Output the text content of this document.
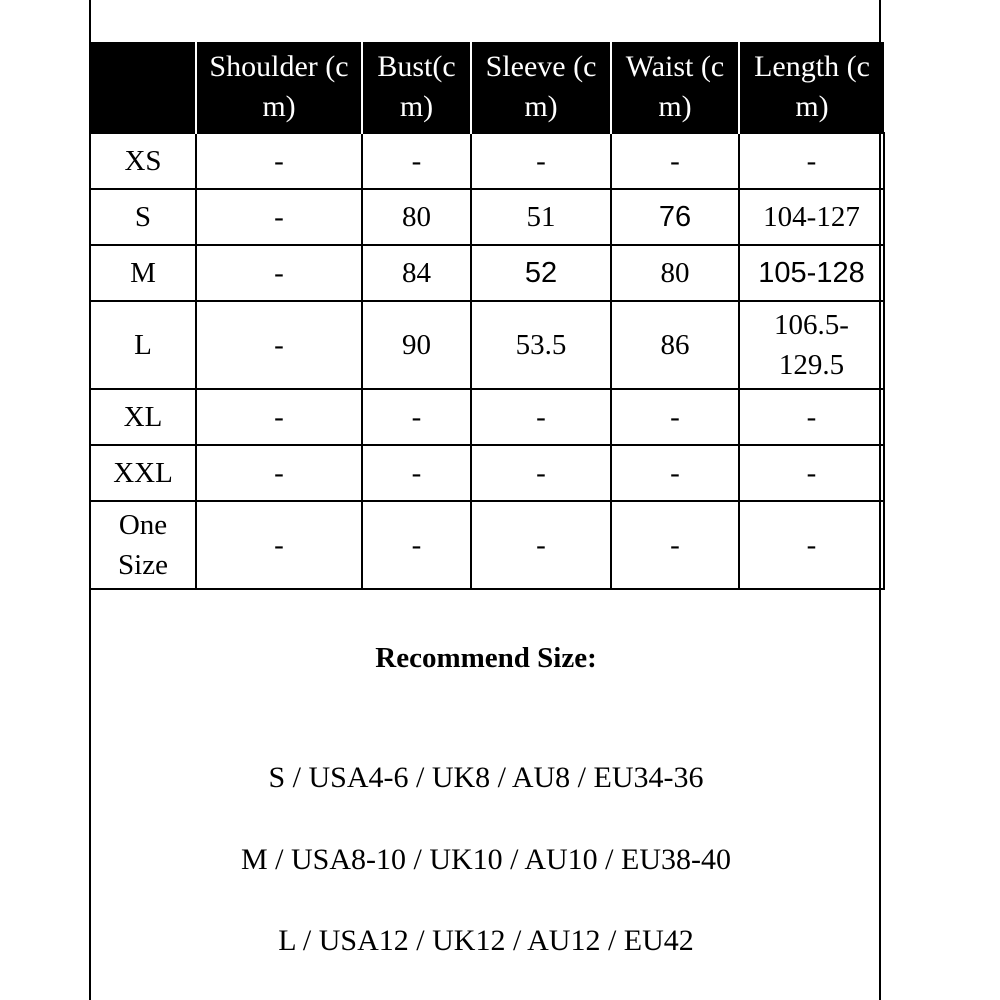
	Shoulder (cm)	Bust(c m)	Sleeve (cm)	Waist (cm)	Length (c m)
XS	-	-	-	-	-
S	-	80	51	76	104-127
M	-	84	52	80	105-128
L	-	90	53.5	86	106.5-129.5
XL	-	-	-	-	-
XXL	-	-	-	-	-
One Size	-	-	-	-	-
Recommend Size:
S / USA4-6 / UK8 / AU8 / EU34-36
M / USA8-10 / UK10 / AU10 / EU38-40
L / USA12 / UK12 / AU12 / EU42
